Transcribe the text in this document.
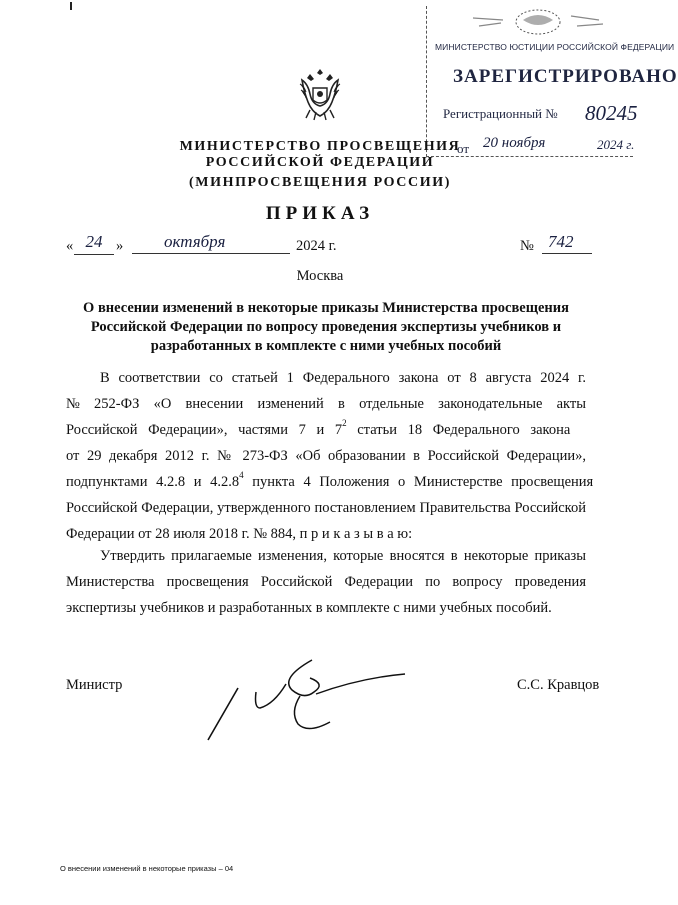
МИНИСТЕРСТВО ЮСТИЦИИ РОССИЙСКОЙ ФЕДЕРАЦИИ
ЗАРЕГИСТРИРОВАНО
Регистрационный № 80245
от 20 ноября	2024 г.
МИНИСТЕРСТВО ПРОСВЕЩЕНИЯ
РОССИЙСКОЙ ФЕДЕРАЦИИ
(МИНПРОСВЕЩЕНИЯ РОССИИ)
ПРИКАЗ
« 24 »	октября	2024 г.	№ 742
Москва
О внесении изменений в некоторые приказы Министерства просвещения Российской Федерации по вопросу проведения экспертизы учебников и разработанных в комплекте с ними учебных пособий
В соответствии со статьей 1 Федерального закона от 8 августа 2024 г.
№ 252-ФЗ «О внесении изменений в отдельные законодательные акты
Российской Федерации», частями 7 и $7^2$ статьи 18 Федерального закона
от 29 декабря 2012 г. № 273-ФЗ «Об образовании в Российской Федерации»,
подпунктами 4.2.8 и 4.2.8$^4$ пункта 4 Положения о Министерстве просвещения
Российской Федерации, утвержденного постановлением Правительства Российской
Федерации от 28 июля 2018 г. № 884, п р и к а з ы в а ю:
Утвердить прилагаемые изменения, которые вносятся в некоторые приказы
Министерства просвещения Российской Федерации по вопросу проведения
экспертизы учебников и разработанных в комплекте с ними учебных пособий.
Министр	С.С. Кравцов
О внесении изменений в некоторые приказы – 04
